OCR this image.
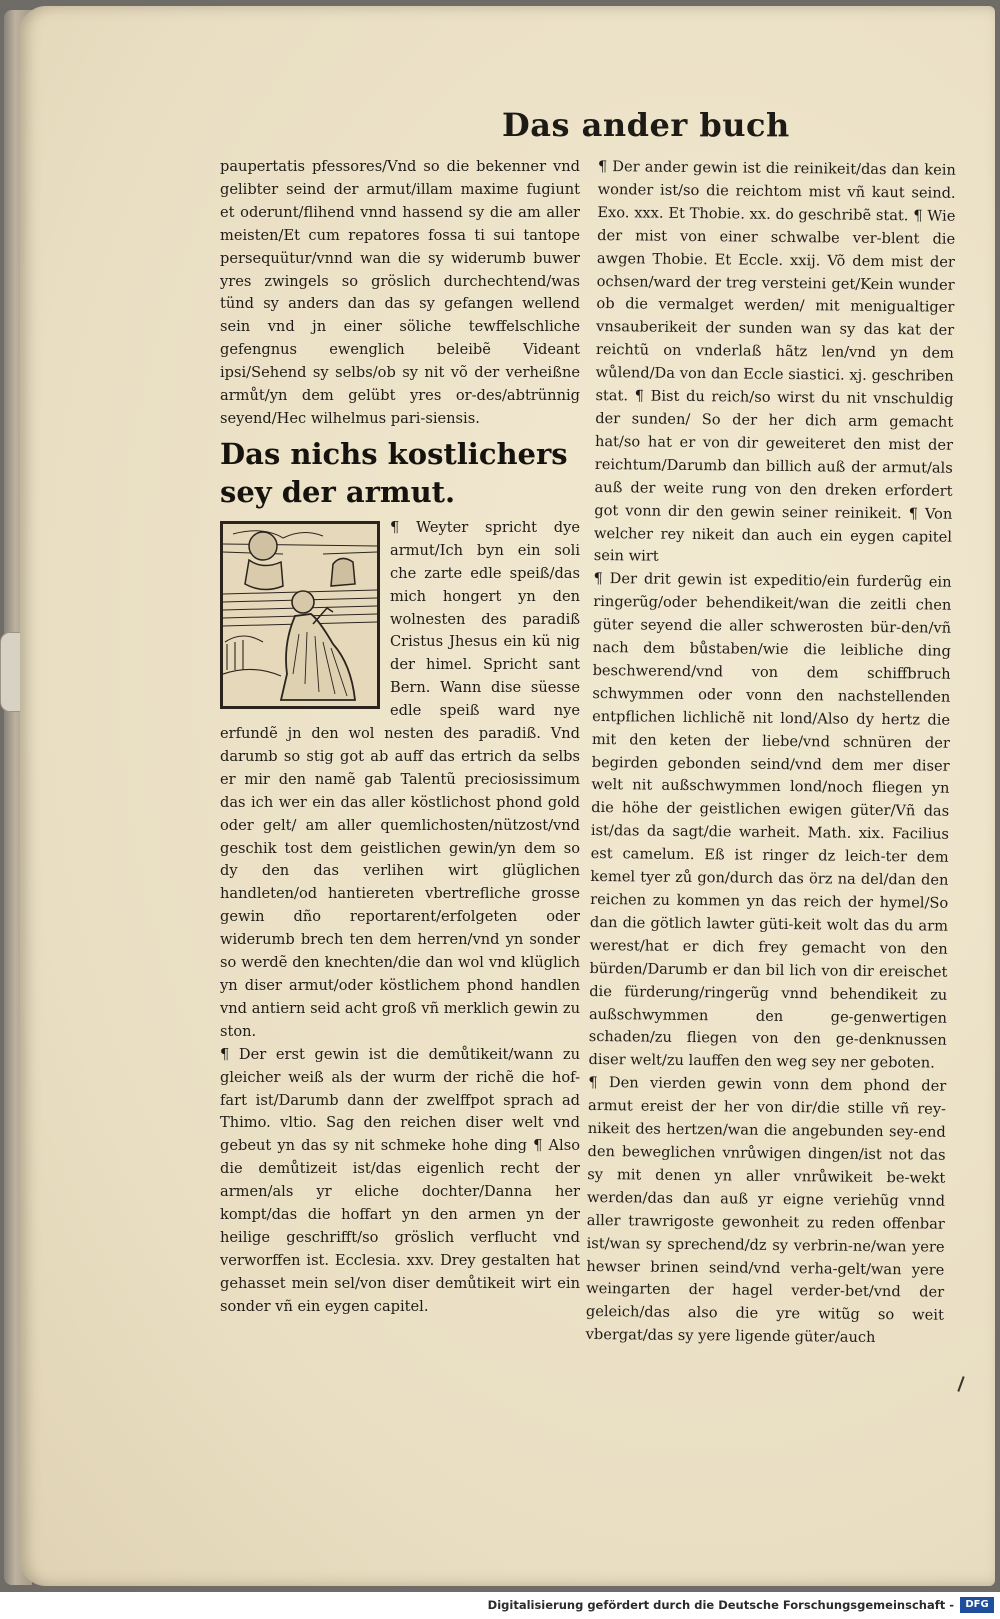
Das ander buch

paupertatis pfessores/Vnd so die bekenner vnd gelibter seind der armut/illam maxime fugiunt et oderunt/flihend vnnd hassend sy die am aller meisten/Et cum repatores fossa ti sui tantope persequütur/vnnd wan die sy widerumb buwer yres zwingels so gröslich durchechtend/was tünd sy anders dan das sy gefangen wellend sein vnd jn einer söliche tewffelschliche gefengnus ewenglich beleibẽ Videant ipsi/Sehend sy selbs/ob sy nit võ der verheißne armůt/yn dem gelübt yres or-des/abtrünnig seyend/Hec wilhelmus pari-siensis.

Das nichs kostlichers sey der armut.

¶ Weyter spricht dye armut/Ich byn ein soli che zarte edle speiß/das mich hongert yn den wolnesten des paradiß Cristus Jhesus ein kü nig der himel. Spricht sant Bern. Wann dise süesse edle speiß ward nye erfundẽ jn den wol nesten des paradiß. Vnd darumb so stig got ab auff das ertrich da selbs er mir den namẽ gab Talentũ preciosissimum das ich wer ein das aller köstlichost phond gold oder gelt/ am aller quemlichosten/nützost/vnd geschik tost dem geistlichen gewin/yn dem so dy den das verlihen wirt glüglichen handleten/od hantiereten vbertrefliche grosse gewin dño reportarent/erfolgeten oder widerumb brech ten dem herren/vnd yn sonder so werdẽ den knechten/die dan wol vnd klüglich yn diser armut/oder köstlichem phond handlen vnd antiern seid acht groß vñ merklich gewin zu ston.

¶ Der erst gewin ist die demůtikeit/wann zu gleicher weiß als der wurm der richẽ die hof-fart ist/Darumb dann der zwelffpot sprach ad Thimo. vltio. Sag den reichen diser welt vnd gebeut yn das sy nit schmeke hohe ding ¶ Also die demůtizeit ist/das eigenlich recht der armen/als yr eliche dochter/Danna her kompt/das die hoffart yn den armen yn der heilige geschrifft/so gröslich verflucht vnd verworffen ist. Ecclesia. xxv. Drey gestalten hat gehasset mein sel/von diser demůtikeit wirt ein sonder vñ ein eygen capitel.

¶ Der ander gewin ist die reinikeit/das dan kein wonder ist/so die reichtom mist vñ kaut seind. Exo. xxx. Et Thobie. xx. do geschribẽ stat. ¶ Wie der mist von einer schwalbe ver-blent die awgen Thobie. Et Eccle. xxij. Võ dem mist der ochsen/ward der treg versteini get/Kein wunder ob die vermalget werden/ mit menigualtiger vnsauberikeit der sunden wan sy das kat der reichtũ on vnderlaß hãtz len/vnd yn dem wůlend/Da von dan Eccle siastici. xj. geschriben stat. ¶ Bist du reich/so wirst du nit vnschuldig der sunden/ So der her dich arm gemacht hat/so hat er von dir geweiteret den mist der reichtum/Darumb dan billich auß der armut/als auß der weite rung von den dreken erfordert got vonn dir den gewin seiner reinikeit. ¶ Von welcher rey nikeit dan auch ein eygen capitel sein wirt

¶ Der drit gewin ist expeditio/ein furderũg ein ringerũg/oder behendikeit/wan die zeitli chen güter seyend die aller schwerosten bür-den/vñ nach dem bůstaben/wie die leibliche ding beschwerend/vnd von dem schiffbruch schwymmen oder vonn den nachstellenden entpflichen lichlichẽ nit lond/Also dy hertz die mit den keten der liebe/vnd schnüren der begirden gebonden seind/vnd dem mer diser welt nit außschwymmen lond/noch fliegen yn die höhe der geistlichen ewigen güter/Vñ das ist/das da sagt/die warheit. Math. xix. Facilius est camelum. Eß ist ringer dz leich-ter dem kemel tyer zů gon/durch das örz na del/dan den reichen zu kommen yn das reich der hymel/So dan die götlich lawter güti-keit wolt das du arm werest/hat er dich frey gemacht von den bürden/Darumb er dan bil lich von dir ereischet die fürderung/ringerũg vnnd behendikeit zu außschwymmen den ge-genwertigen schaden/zu fliegen von den ge-denknussen diser welt/zu lauffen den weg sey ner geboten.

¶ Den vierden gewin vonn dem phond der armut ereist der her von dir/die stille vñ rey-nikeit des hertzen/wan die angebunden sey-end den beweglichen vnrůwigen dingen/ist not das sy mit denen yn aller vnrůwikeit be-wekt werden/das dan auß yr eigne veriehũg vnnd aller trawrigoste gewonheit zu reden offenbar ist/wan sy sprechend/dz sy verbrin-ne/wan yere hewser brinen seind/vnd verha-gelt/wan yere weingarten der hagel verder-bet/vnd der geleich/das also die yre witũg so weit vbergat/das sy yere ligende güter/auch

Digitalisierung gefördert durch die Deutsche Forschungsgemeinschaft -	DFG
